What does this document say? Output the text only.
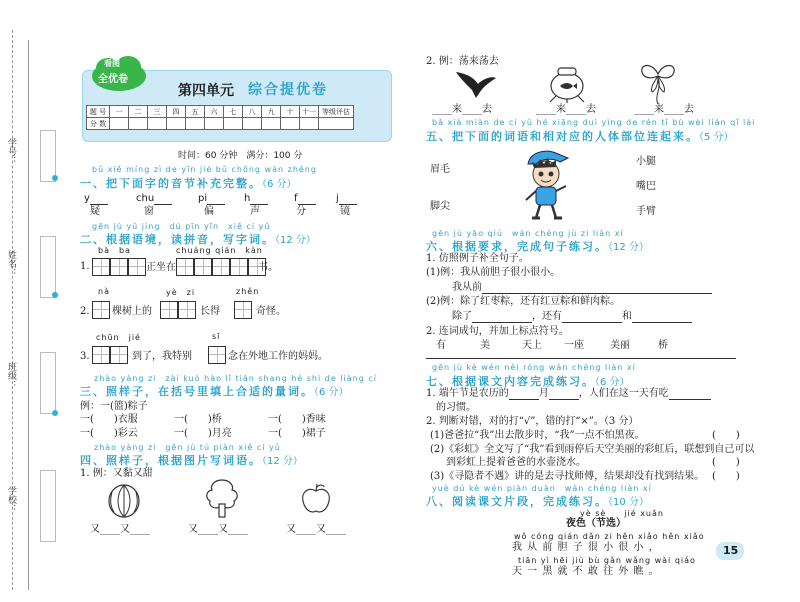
学号：
姓名：
班级：
学校：
看图
全优卷
第四单元 综合提优卷
题 号	一	二	三	四	五	六	七	八	九	十	十一	等级评估
分 数												
时间：60 分钟　满分：100 分
bǔ xiě míng zì de yīn jié bǔ chōng wán zhěng
一、把下面字的音节补充完整。（6 分）
y	chu	pi	h	f	j
疑	窗	偏	声	分	镜
gēn jù yǔ jìng　dú pīn yīn　xiě cí yǔ
二、根据语境，读拼音，写字词。（12 分）
bà　ba	chuáng qián　kàn
1.	正坐在	书。
nà	yè　zi	zhěn
2. 棵树上的	长得	奇怪。
chūn　jié	sī
3.	到了，我特别	念在外地工作的妈妈。
zhào yàng zi　zài kuò hào lǐ tián shang hé shì de liàng cí
三、照样子，在括号里填上合适的量词。（6 分）
例：一(篮)粽子
一(　　)衣服	一(　　)桥	一(　　)香味
一(　　)彩云	一(　　)月亮	一(　　)裙子
zhào yàng zi　gēn jù tú piàn xiě cí yǔ
四、照样子，根据图片写词语。（12 分）
1. 例：又黏又甜
又____又____	又____又____	又____又____
2. 例：荡来荡去
____来____去	____来____去	____来____去
bǎ xià miàn de cí yǔ hé xiāng duì yìng de rén tǐ bù wèi lián qǐ lái
五、把下面的词语和相对应的人体部位连起来。（5 分）
眉毛
脚尖
小腿
嘴巴
手臂
gēn jù yāo qiú　wán chéng jù zi liàn xí
六、根据要求，完成句子练习。（12 分）
1. 仿照例子补全句子。
(1)例：我从前胆子很小很小。
我从前
(2)例：除了红枣粽，还有红豆粽和鲜肉粽。
除了	，还有	和
2. 连词成句，并加上标点符号。
有	美	天上 一座	美丽	桥
gēn jù kè wén nèi róng wán chéng liàn xí
七、根据课文内容完成练习。（6 分）
1. 端午节是农历的	月	，人们在这一天有吃
的习惯。
2. 判断对错，对的打“√”，错的打“×”。（3 分）
(1)爸爸拉“我”出去散步时，“我”一点不怕黑夜。	(　　)
(2)《彩虹》全文写了“我”看到雨停后天空美丽的彩虹后，联想到自己可以
到彩虹上提着爸爸的水壶浇水。	(　　)
(3)《寻隐者不遇》讲的是去寻找师傅，结果却没有找到结果。 (　　)
yuè dú kè wén piàn duàn　wán chéng liàn xí
八、阅读课文片段，完成练习。（10 分）
yè sè　　jié xuǎn
夜色（节选）
wǒ cóng qián dǎn zi hěn xiǎo hěn xiǎo
我 从 前 胆 子 很 小 很 小 ，
tiān yì hēi jiù bù gǎn wǎng wài qiáo
天 一 黑 就 不 敢 往 外 瞧 。
15
